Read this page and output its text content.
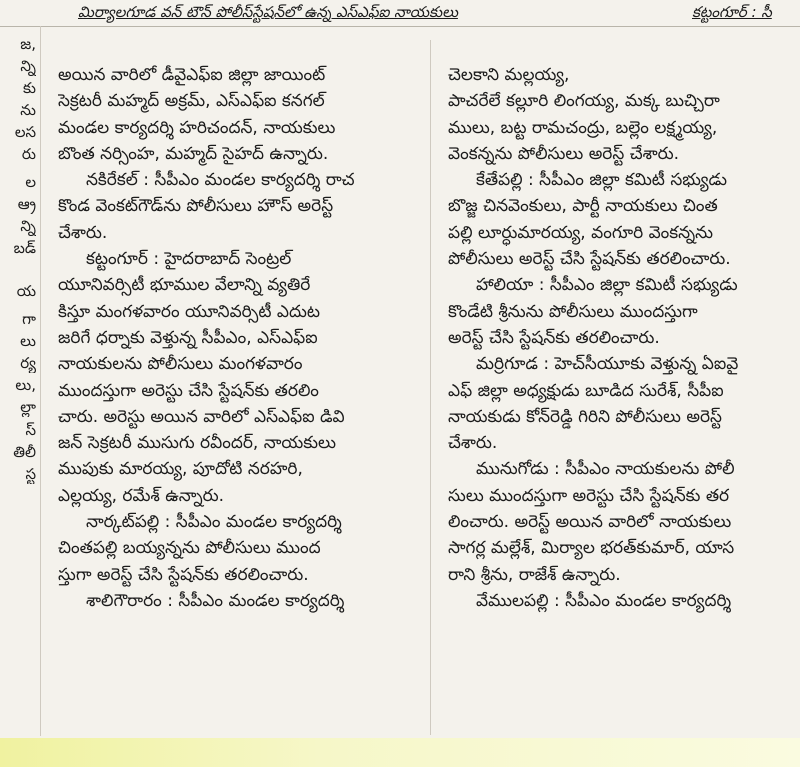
మిర్యాలగూడ వన్‌ టౌన్‌ పోలీస్‌స్టేషన్‌లో ఉన్న ఎస్‌ఎఫ్‌ఐ నాయకులు	కట్టంగూర్‌ : సీ
జ,
న్ని
కు
ను
లస
రు
ల
ఆ్ర
న్ని
బడ్
య
గా
లు
ర్య
లు,
ల్లా
స్
తిలీ
స్ట
అయిన వారిలో డీవైఎఫ్ఐ జిల్లా జాయింట్
సెక్రటరీ మహ్మద్ అక్రమ్, ఎస్ఎఫ్ఐ కనగల్
మండల కార్యదర్శి హరిచందన్, నాయకులు
బొంత నర్సింహ, మహ్మద్ సైహద్ ఉన్నారు.
నకిరేకల్ : సీపీఎం మండల కార్యదర్శి రాచ
కొండ వెంకట్‌గౌడ్‌ను పోలీసులు హౌస్ అరెస్ట్
చేశారు.
కట్టంగూర్ : హైదరాబాద్ సెంట్రల్
యూనివర్సిటీ భూముల వేలాన్ని వ్యతిరే
కిస్తూ మంగళవారం యూనివర్సిటీ ఎదుట
జరిగే ధర్నాకు వెళ్తున్న సీపీఎం, ఎస్ఎఫ్ఐ
నాయకులను పోలీసులు మంగళవారం
ముందస్తుగా అరెస్టు చేసి స్టేషన్‌కు తరలిం
చారు. అరెస్టు అయిన వారిలో ఎస్ఎఫ్ఐ డివి
జన్ సెక్రటరీ ముసుగు రవీందర్, నాయకులు
ముపుకు మారయ్య, పూదోటి నరహరి,
ఎల్లయ్య, రమేశ్ ఉన్నారు.
నార్కట్‌పల్లి : సీపీఎం మండల కార్యదర్శి
చింతపల్లి బయ్యన్నను పోలీసులు ముంద
స్తుగా అరెస్ట్ చేసి స్టేషన్‌కు తరలించారు.
శాలిగౌరారం : సీపీఎం మండల కార్యదర్శి
చెలకాని మల్లయ్య,
పాచరేలే కల్లూరి లింగయ్య, మక్క బుచ్చిరా
ములు, బట్ట రామచంద్రు, బల్లెం లక్ష్మయ్య,
వెంకన్నను పోలీసులు అరెస్ట్ చేశారు.
కేతేపల్లి : సీపీఎం జిల్లా కమిటీ సభ్యుడు
బొజ్జ చినవెంకులు, పార్టీ నాయకులు చింత
పల్లి లూర్ధుమారయ్య, వంగూరి వెంకన్నను
పోలీసులు అరెస్ట్ చేసి స్టేషన్‌కు తరలించారు.
హాలియా : సీపీఎం జిల్లా కమిటీ సభ్యుడు
కొండేటి శ్రీనును పోలీసులు ముందస్తుగా
అరెస్ట్ చేసి స్టేషన్‌కు తరలించారు.
మర్రిగూడ : హెచ్‌సీయూకు వెళ్తున్న ఏఐవై
ఎఫ్ జిల్లా అధ్యక్షుడు బూడిద సురేశ్, సీపీఐ
నాయకుడు కోన్‌రెడ్డి గిరిని పోలీసులు అరెస్ట్
చేశారు.
మునుగోడు : సీపీఎం నాయకులను పోలీ
సులు ముందస్తుగా అరెస్టు చేసి స్టేషన్‌కు తర
లించారు. అరెస్ట్ అయిన వారిలో నాయకులు
సాగర్ల మల్లేశ్, మిర్యాల భరత్‌కుమార్, యాస
రాని శ్రీను, రాజేశ్ ఉన్నారు.
వేములపల్లి : సీపీఎం మండల కార్యదర్శి
